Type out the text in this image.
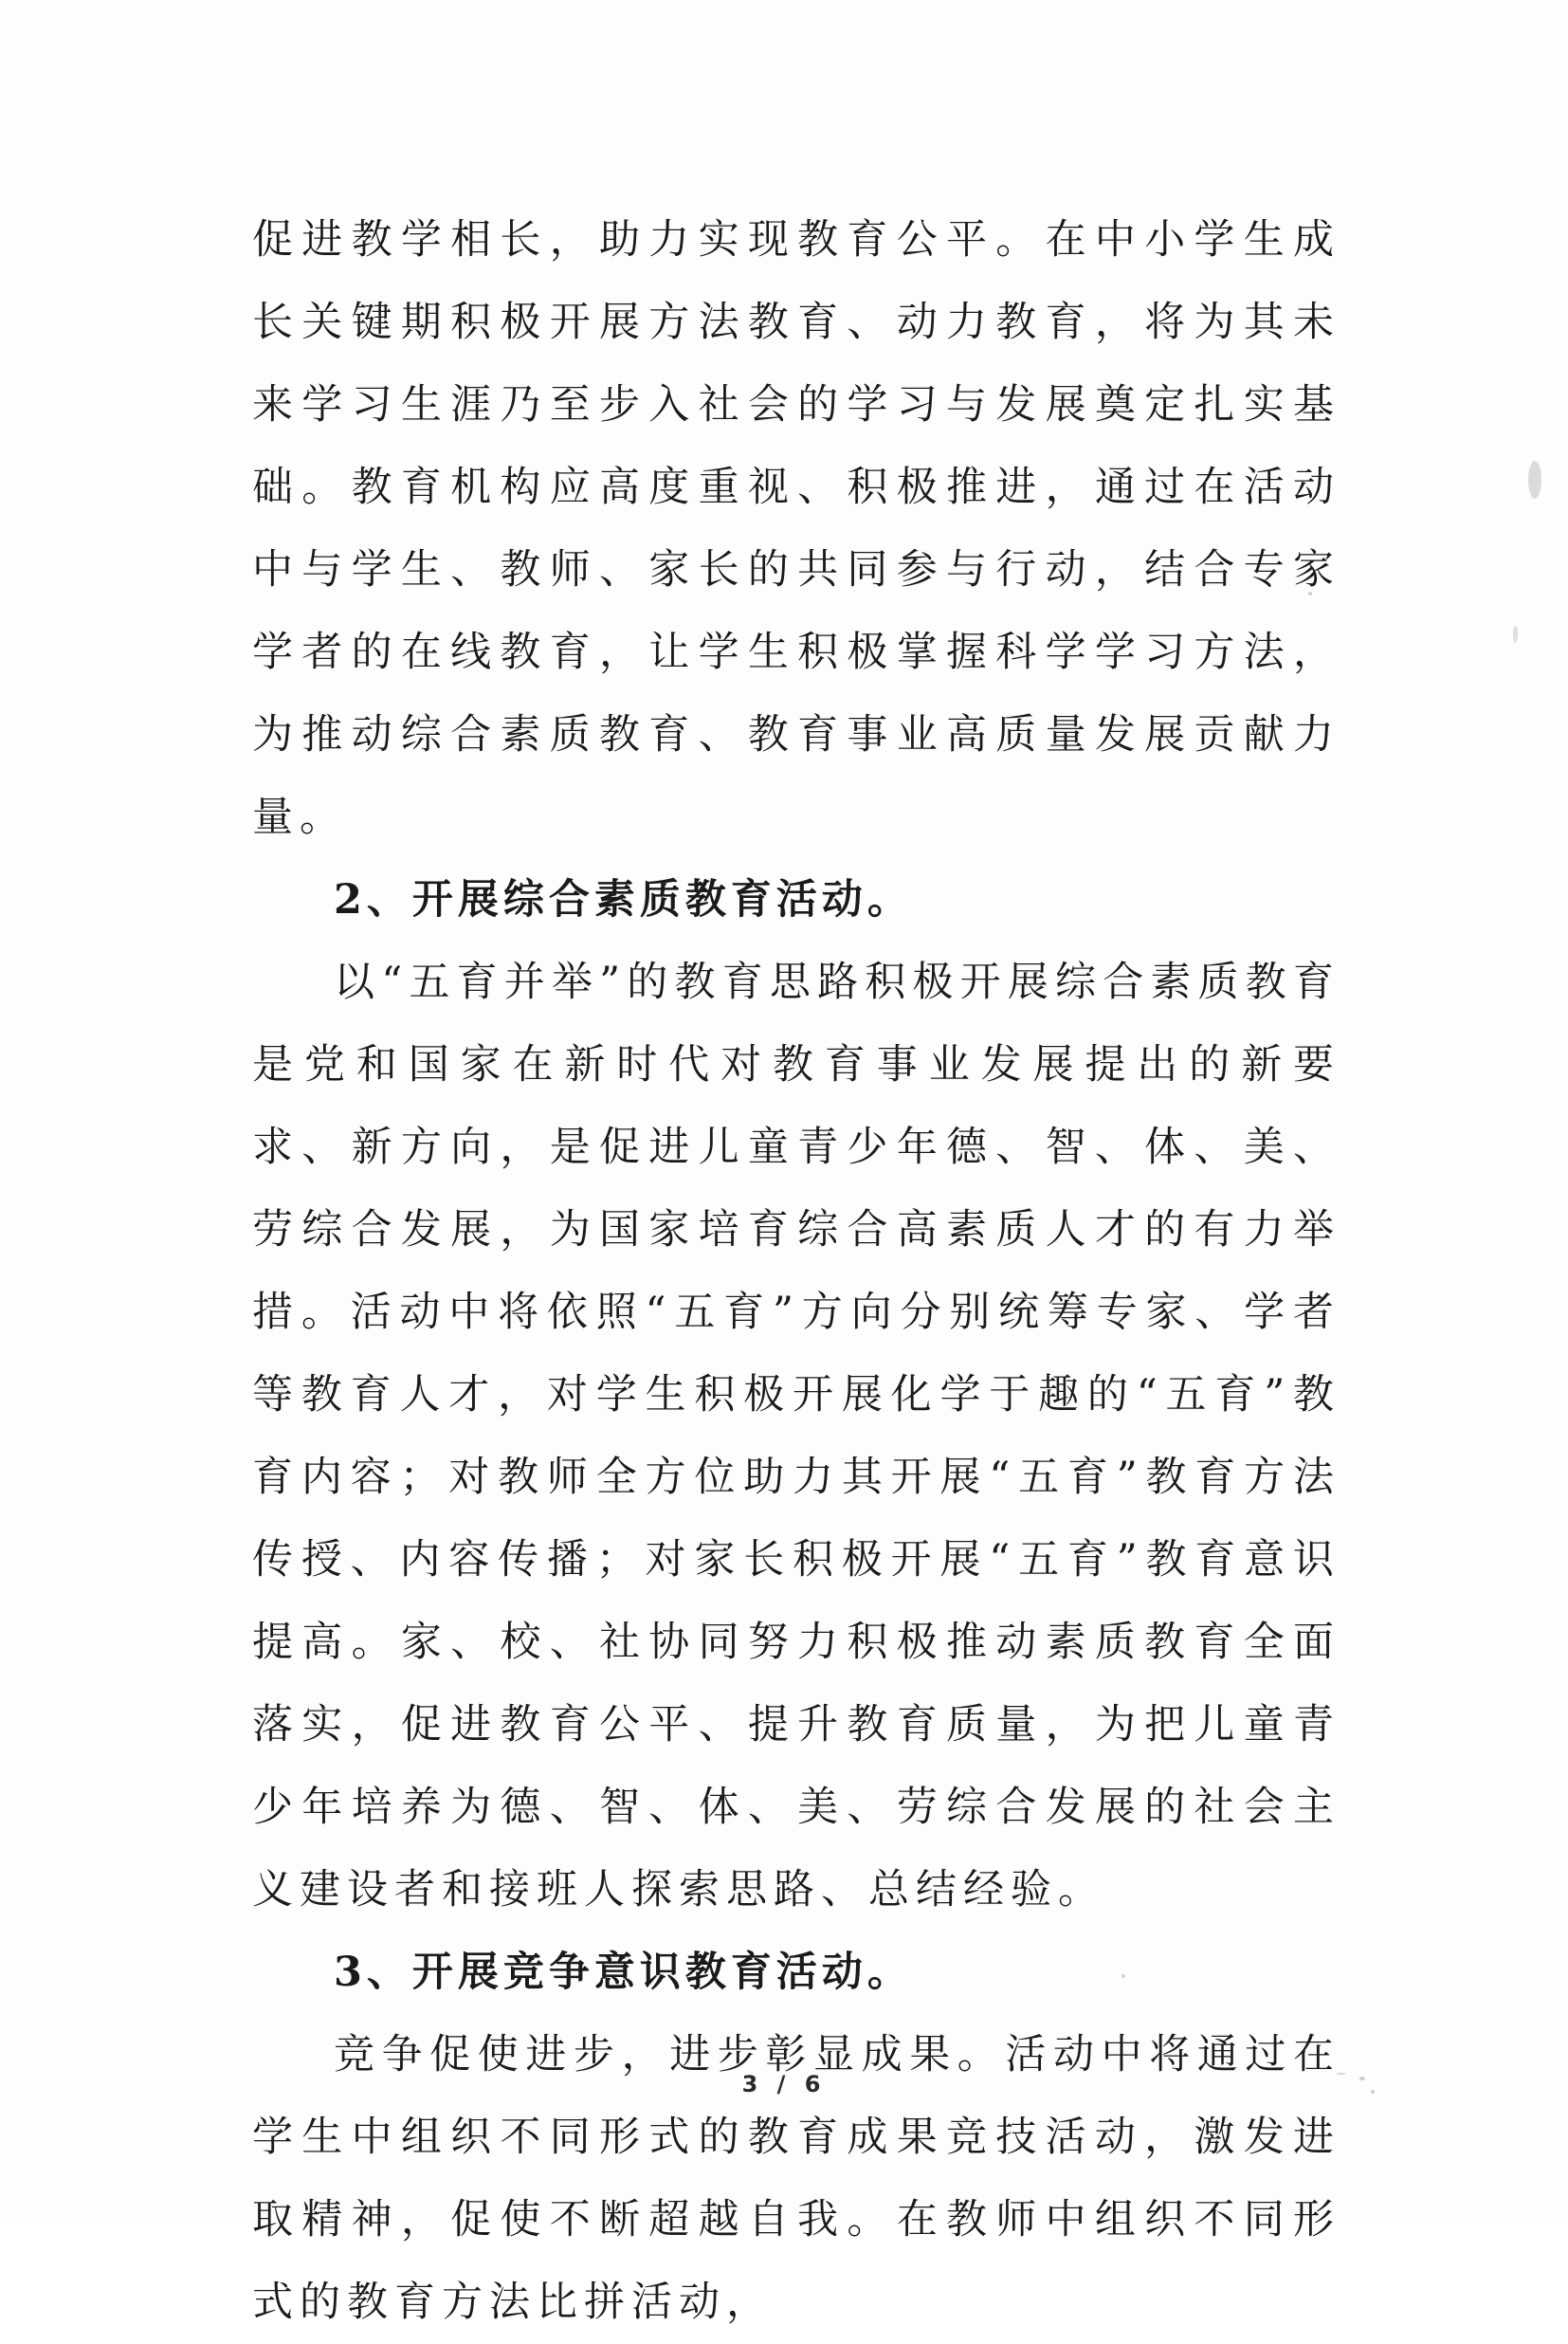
促进教学相长，助力实现教育公平。在中小学生成长关键期积极开展方法教育、动力教育，将为其未来学习生涯乃至步入社会的学习与发展奠定扎实基础。教育机构应高度重视、积极推进，通过在活动中与学生、教师、家长的共同参与行动，结合专家学者的在线教育，让学生积极掌握科学学习方法，为推动综合素质教育、教育事业高质量发展贡献力量。

2、开展综合素质教育活动。

以“五育并举”的教育思路积极开展综合素质教育是党和国家在新时代对教育事业发展提出的新要求、新方向，是促进儿童青少年德、智、体、美、劳综合发展，为国家培育综合高素质人才的有力举措。活动中将依照“五育”方向分别统筹专家、学者等教育人才，对学生积极开展化学于趣的“五育”教育内容；对教师全方位助力其开展“五育”教育方法传授、内容传播；对家长积极开展“五育”教育意识提高。家、校、社协同努力积极推动素质教育全面落实，促进教育公平、提升教育质量，为把儿童青少年培养为德、智、体、美、劳综合发展的社会主义建设者和接班人探索思路、总结经验。

3、开展竞争意识教育活动。

竞争促使进步，进步彰显成果。活动中将通过在学生中组织不同形式的教育成果竞技活动，激发进取精神，促使不断超越自我。在教师中组织不同形式的教育方法比拼活动，

3 / 6
